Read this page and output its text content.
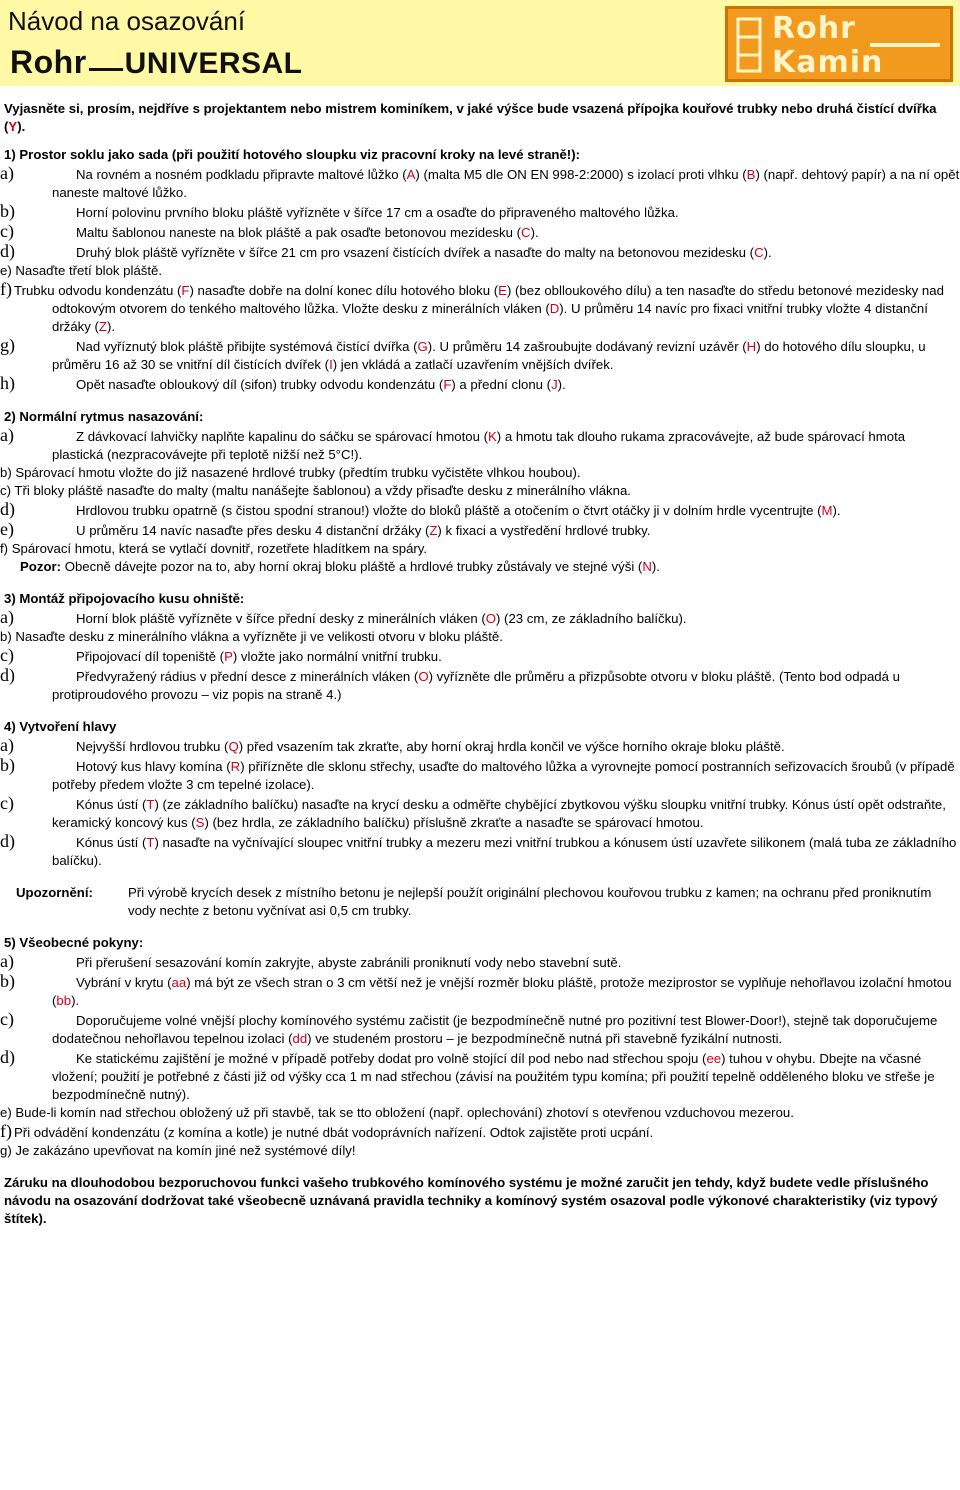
Návod na osazování
Rohr UNIVERSAL
Rohr
Kamin

Vyjasněte si, prosím, nejdříve s projektantem nebo mistrem kominíkem, v jaké výšce bude vsazená přípojka kouřové trubky nebo druhá čistící dvířka (Y).

1) Prostor soklu jako sada (při použití hotového sloupku viz pracovní kroky na levé straně!):

a)	Na rovném a nosném podkladu připravte maltové lůžko (A) (malta M5 dle ON EN 998-2:2000) s izolací proti vlhku (B) (např. dehtový papír) a na ní opět naneste maltové lůžko.

b)	Horní polovinu prvního bloku pláště vyřízněte v šířce 17 cm a osaďte do připraveného maltového lůžka.

c)	Maltu šablonou naneste na blok pláště a pak osaďte betonovou mezidesku (C).

d)	Druhý blok pláště vyřízněte v šířce 21 cm pro vsazení čistících dvířek a nasaďte do malty na betonovou mezidesku (C).

e) Nasaďte třetí blok pláště.

f) Trubku odvodu kondenzátu (F) nasaďte dobře na dolní konec dílu hotového bloku (E) (bez oblloukového dílu) a ten nasaďte do středu betonové mezidesky nad odtokovým otvorem do tenkého maltového lůžka. Vložte desku z minerálních vláken (D). U průměru 14 navíc pro fixaci vnitřní trubky vložte 4 distanční držáky (Z).

g)	Nad vyříznutý blok pláště přibijte systémová čistící dvířka (G). U průměru 14 zašroubujte dodávaný revizní uzávěr (H) do hotového dílu sloupku, u průměru 16 až 30 se vnitřní díl čistících dvířek (I) jen vkládá a zatlačí uzavřením vnějších dvířek.

h)	Opět nasaďte obloukový díl (sifon) trubky odvodu kondenzátu (F) a přední clonu (J).

2) Normální rytmus nasazování:

a)	Z dávkovací lahvičky naplňte kapalinu do sáčku se spárovací hmotou (K) a hmotu tak dlouho rukama zpracovávejte, až bude spárovací hmota plastická (nezpracovávejte při teplotě nižší než 5°C!).

b) Spárovací hmotu vložte do již nasazené hrdlové trubky (předtím trubku vyčistěte vlhkou houbou).

c) Tři bloky pláště nasaďte do malty (maltu nanášejte šablonou) a vždy přisaďte desku z minerálního vlákna.

d)	Hrdlovou trubku opatrně (s čistou spodní stranou!) vložte do bloků pláště a otočením o čtvrt otáčky ji v dolním hrdle vycentrujte (M).

e)	U průměru 14 navíc nasaďte přes desku 4 distanční držáky (Z) k fixaci a vystředění hrdlové trubky.

f) Spárovací hmotu, která se vytlačí dovnitř, rozetřete hladítkem na spáry.

Pozor: Obecně dávejte pozor na to, aby horní okraj bloku pláště a hrdlové trubky zůstávaly ve stejné výši (N).

3) Montáž připojovacího kusu ohniště:

a)	Horní blok pláště vyřízněte v šířce přední desky z minerálních vláken (O) (23 cm, ze základního balíčku).

b) Nasaďte desku z minerálního vlákna a vyřízněte ji ve velikosti otvoru v bloku pláště.

c)	Připojovací díl topeniště (P) vložte jako normální vnitřní trubku.

d)	Předvyražený rádius v přední desce z minerálních vláken (O) vyřízněte dle průměru a přizpůsobte otvoru v bloku pláště. (Tento bod odpadá u protiproudového provozu – viz popis na straně 4.)

4) Vytvoření hlavy

a)	Nejvyšší hrdlovou trubku (Q) před vsazením tak zkraťte, aby horní okraj hrdla končil ve výšce horního okraje bloku pláště.

b)	Hotový kus hlavy komína (R) přiřízněte dle sklonu střechy, usaďte do maltového lůžka a vyrovnejte pomocí postranních seřizovacích šroubů (v případě potřeby předem vložte 3 cm tepelné izolace).

c)	Kónus ústí (T) (ze základního balíčku) nasaďte na krycí desku a odměřte chybějící zbytkovou výšku sloupku vnitřní trubky. Kónus ústí opět odstraňte, keramický koncový kus (S) (bez hrdla, ze základního balíčku) příslušně zkraťte a nasaďte se spárovací hmotou.

d)	Kónus ústí (T) nasaďte na vyčnívající sloupec vnitřní trubky a mezeru mezi vnitřní trubkou a kónusem ústí uzavřete silikonem (malá tuba ze základního balíčku).

Upozornění:	Při výrobě krycích desek z místního betonu je nejlepší použít originální plechovou kouřovou trubku z kamen; na ochranu před proniknutím vody nechte z betonu vyčnívat asi 0,5 cm trubky.

5) Všeobecné pokyny:

a)	Při přerušení sesazování komín zakryjte, abyste zabránili proniknutí vody nebo stavební sutě.

b)	Vybrání v krytu (aa) má být ze všech stran o 3 cm větší než je vnější rozměr bloku pláště, protože meziprostor se vyplňuje nehořlavou izolační hmotou (bb).

c)	Doporučujeme volné vnější plochy komínového systému začistit (je bezpodmínečně nutné pro pozitivní test Blower-Door!), stejně tak doporučujeme dodatečnou nehořlavou tepelnou izolaci (dd) ve studeném prostoru – je bezpodmínečně nutná při stavebně fyzikální nutnosti.

d)	Ke statickému zajištění je možné v případě potřeby dodat pro volně stojící díl pod nebo nad střechou spoju (ee) tuhou v ohybu. Dbejte na včasné vložení; použití je potřebné z části již od výšky cca 1 m nad střechou (závisí na použitém typu komína; při použití tepelně odděleného bloku ve střeše je bezpodmínečně nutný).

e) Bude-li komín nad střechou obložený už při stavbě, tak se tto obložení (např. oplechování) zhotoví s otevřenou vzduchovou mezerou.

f) Při odvádění kondenzátu (z komína a kotle) je nutné dbát vodoprávních nařízení. Odtok zajistěte proti ucpání.

g) Je zakázáno upevňovat na komín jiné než systémové díly!

Záruku na dlouhodobou bezporuchovou funkci vašeho trubkového komínového systému je možné zaručit jen tehdy, když budete vedle příslušného návodu na osazování dodržovat také všeobecně uznávaná pravidla techniky a komínový systém osazoval podle výkonové charakteristiky (viz typový štítek).
